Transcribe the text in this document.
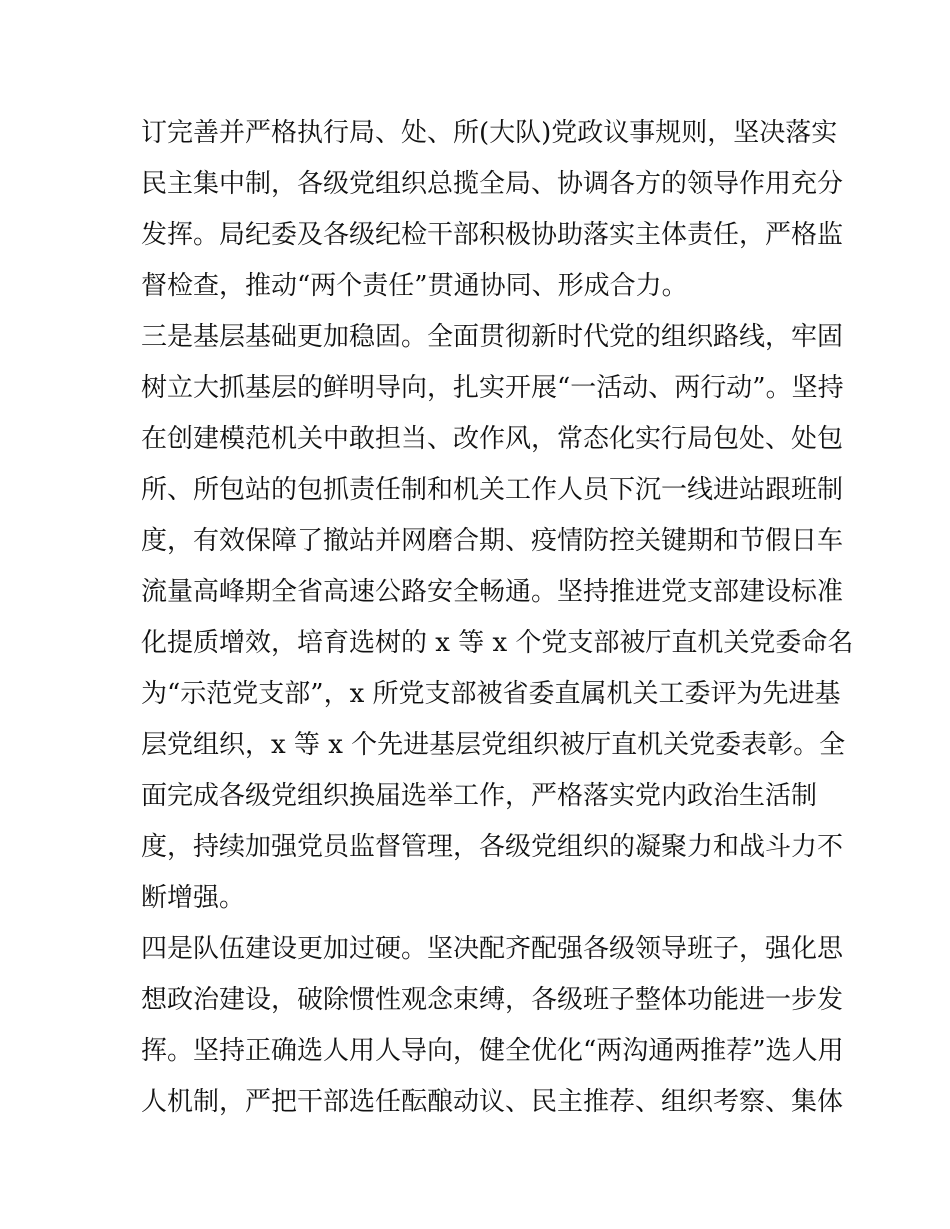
订完善并严格执行局、处、所(大队)党政议事规则，坚决落实
民主集中制，各级党组织总揽全局、协调各方的领导作用充分
发挥。局纪委及各级纪检干部积极协助落实主体责任，严格监
督检查，推动“两个责任”贯通协同、形成合力。
三是基层基础更加稳固。全面贯彻新时代党的组织路线，牢固
树立大抓基层的鲜明导向，扎实开展“一活动、两行动”。坚持
在创建模范机关中敢担当、改作风，常态化实行局包处、处包
所、所包站的包抓责任制和机关工作人员下沉一线进站跟班制
度，有效保障了撤站并网磨合期、疫情防控关键期和节假日车
流量高峰期全省高速公路安全畅通。坚持推进党支部建设标准
化提质增效，培育选树的 x 等 x 个党支部被厅直机关党委命名
为“示范党支部”，x 所党支部被省委直属机关工委评为先进基
层党组织，x 等 x 个先进基层党组织被厅直机关党委表彰。全
面完成各级党组织换届选举工作，严格落实党内政治生活制
度，持续加强党员监督管理，各级党组织的凝聚力和战斗力不
断增强。
四是队伍建设更加过硬。坚决配齐配强各级领导班子，强化思
想政治建设，破除惯性观念束缚，各级班子整体功能进一步发
挥。坚持正确选人用人导向，健全优化“两沟通两推荐”选人用
人机制，严把干部选任酝酿动议、民主推荐、组织考察、集体
